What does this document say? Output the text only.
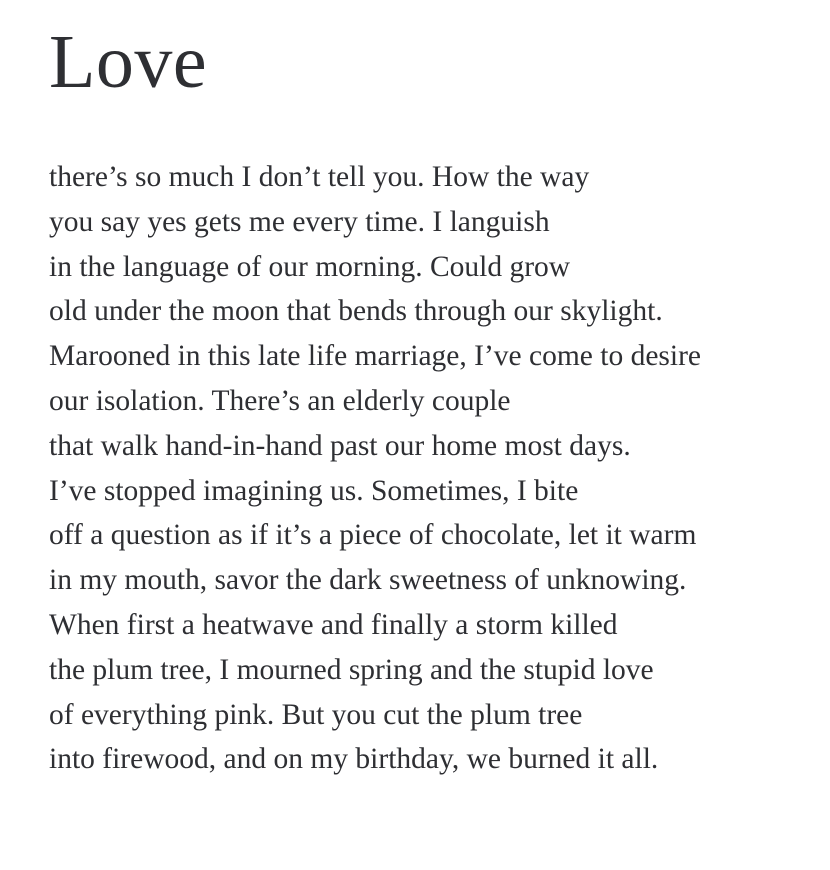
Love
there’s so much I don’t tell you. How the way
you say yes gets me every time. I languish
in the language of our morning. Could grow
old under the moon that bends through our skylight.
Marooned in this late life marriage, I’ve come to desire
our isolation. There’s an elderly couple
that walk hand-in-hand past our home most days.
I’ve stopped imagining us. Sometimes, I bite
off a question as if it’s a piece of chocolate, let it warm
in my mouth, savor the dark sweetness of unknowing.
When first a heatwave and finally a storm killed
the plum tree, I mourned spring and the stupid love
of everything pink. But you cut the plum tree
into firewood, and on my birthday, we burned it all.
